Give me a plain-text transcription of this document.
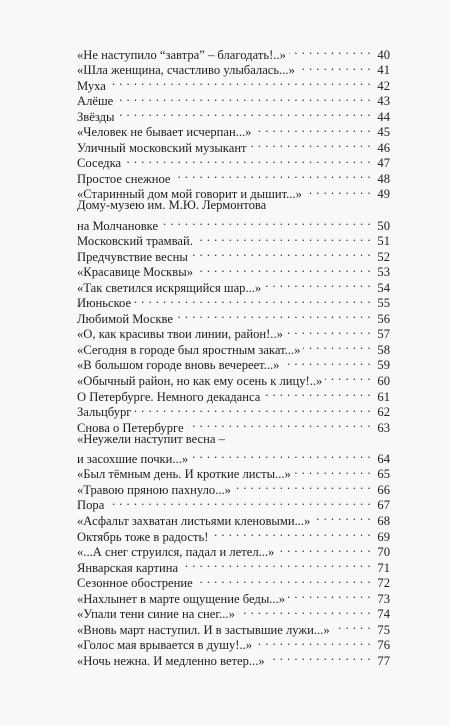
«Не наступило “завтра” – благодать!..» . . .	40
«Шла женщина, счастливо улыбалась...» . . .	41
Муха . . .	42
Алёше . . .	43
Звёзды . . .	44
«Человек не бывает исчерпан...» . . .	45
Уличный московский музыкант . . .	46
Соседка . . .	47
Простое снежное . . .	48
«Старинный дом мой говорит и дышит...» . . .	49
Дому-музею им. М.Ю. Лермонтова
на Молчановке . . .	50
Московский трамвай. . . .	51
Предчувствие весны . . .	52
«Красавице Москвы» . . .	53
«Так светился искрящийся шар...» . . .	54
Июньское . . .	55
Любимой Москве . . .	56
«О, как красивы твои линии, район!..» . . .	57
«Сегодня в городе был яростным закат...» . . .	58
«В большом городе вновь вечереет...» . . .	59
«Обычный район, но как ему осень к лицу!..» . . .	60
О Петербурге. Немного декаданса . . .	61
Зальцбург . . .	62
Снова о Петербурге . . .	63
«Неужели наступит весна –
и засохшие почки...» . . .	64
«Был тёмным день. И кроткие листы...» . . .	65
«Травою пряною пахнуло...» . . .	66
Пора . . .	67
«Асфальт захватан листьями кленовыми...» . . .	68
Октябрь тоже в радость! . . .	69
«...А снег струился, падал и летел...» . . .	70
Январская картина . . .	71
Сезонное обострение . . .	72
«Нахлынет в марте ощущение беды...» . . .	73
«Упали тени синие на снег...» . . .	74
«Вновь март наступил. И в застывшие лужи...» . . .	75
«Голос мая врывается в душу!..» . . .	76
«Ночь нежна. И медленно ветер...» . . .	77
